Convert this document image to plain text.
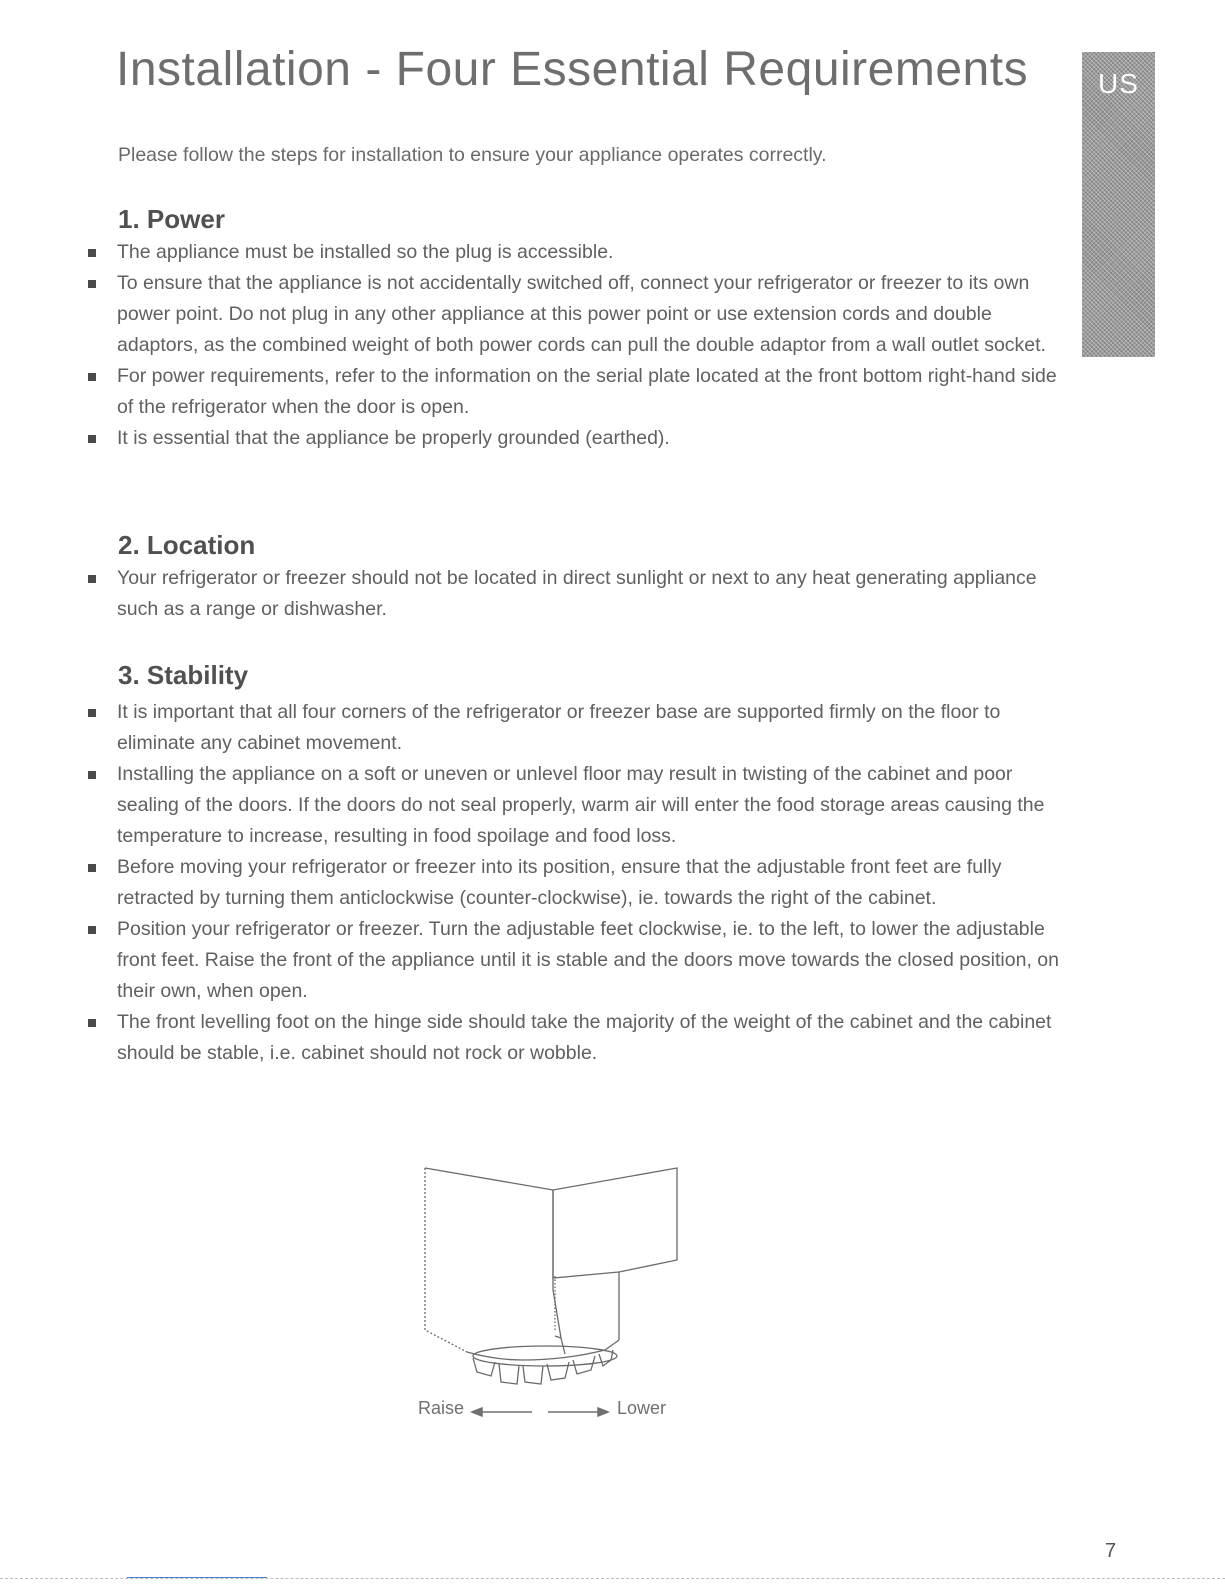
Installation - Four Essential Requirements	US

Please follow the steps for installation to ensure your appliance operates correctly.

1. Power
The appliance must be installed so the plug is accessible.
To ensure that the appliance is not accidentally switched off, connect your refrigerator or freezer to its own power point. Do not plug in any other appliance at this power point or use extension cords and double adaptors, as the combined weight of both power cords can pull the double adaptor from a wall outlet socket.
For power requirements, refer to the information on the serial plate located at the front bottom right-hand side of the refrigerator when the door is open.
It is essential that the appliance be properly grounded (earthed).
2. Location
Your refrigerator or freezer should not be located in direct sunlight or next to any heat generating appliance such as a range or dishwasher.
3. Stability
It is important that all four corners of the refrigerator or freezer base are supported firmly on the floor to eliminate any cabinet movement.
Installing the appliance on a soft or uneven or unlevel floor may result in twisting of the cabinet and poor sealing of the doors. If the doors do not seal properly, warm air will enter the food storage areas causing the temperature to increase, resulting in food spoilage and food loss.
Before moving your refrigerator or freezer into its position, ensure that the adjustable front feet are fully retracted by turning them anticlockwise (counter-clockwise), ie. towards the right of the cabinet.
Position your refrigerator or freezer. Turn the adjustable feet clockwise, ie. to the left, to lower the adjustable front feet. Raise the front of the appliance until it is stable and the doors move towards the closed position, on their own, when open.
The front levelling foot on the hinge side should take the majority of the weight of the cabinet and the cabinet should be stable, i.e. cabinet should not rock or wobble.
Raise	Lower
7
